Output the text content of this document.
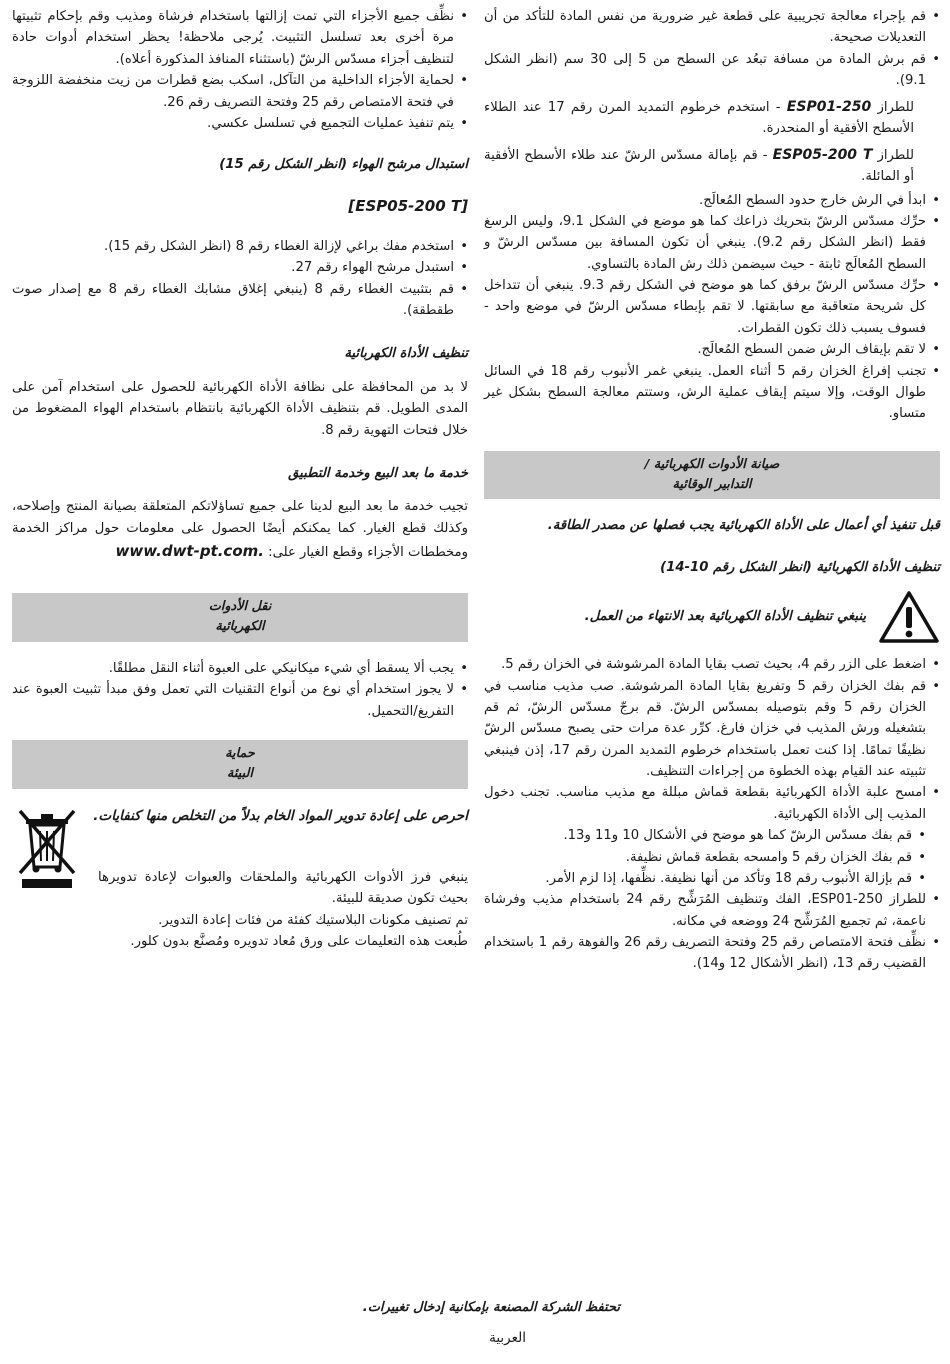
• قم بإجراء معالجة تجريبية على قطعة غير ضرورية من نفس المادة للتأكد من أن التعديلات صحيحة.
• قم برش المادة من مسافة تبعُد عن السطح من 5 إلى 30 سم (انظر الشكل 9.1).

للطراز ESP01-250 - استخدم خرطوم التمديد المرن رقم 17 عند الطلاء الأسطح الأفقية أو المنحدرة.

للطراز ESP05-200 T - قم بإمالة مسدّس الرشّ عند طلاء الأسطح الأفقية أو المائلة.

• ابدأ في الرش خارج حدود السطح المُعالَج.
• حرِّك مسدّس الرشّ بتحريك ذراعك كما هو موضع في الشكل 9.1، وليس الرسغ فقط (انظر الشكل رقم 9.2). ينبغي أن تكون المسافة بين مسدّس الرشّ و السطح المُعالَج ثابتة - حيث سيضمن ذلك رش المادة بالتساوي.
• حرِّك مسدّس الرشّ برفق كما هو موضح في الشكل رقم 9.3. ينبغي أن تتداخل كل شريحة متعاقبة مع سابقتها. لا تقم بإبطاء مسدّس الرشّ في موضع واحد - فسوف يسبب ذلك تكون القطرات.
• لا تقم بإيقاف الرش ضمن السطح المُعالَج.
• تجنب إفراغ الخزان رقم 5 أثناء العمل. ينبغي غمر الأنبوب رقم 18 في السائل طوال الوقت، وإلا سيتم إيقاف عملية الرش، وستتم معالجة السطح بشكل غير متساو.
صيانة الأدوات الكهربائية /
التدابير الوقائية

قبل تنفيذ أي أعمال على الأداة الكهربائية يجب فصلها عن مصدر الطاقة.

تنظيف الأداة الكهربائية (انظر الشكل رقم 10-14)
ينبغي تنظيف الأداة الكهربائية بعد الانتهاء من العمل.
• اضغط على الزر رقم 4، بحيث تصب بقايا المادة المرشوشة في الخزان رقم 5.
• قم بفك الخزان رقم 5 وتفريغ بقايا المادة المرشوشة. صب مذيب مناسب في الخزان رقم 5 وقم بتوصيله بمسدّس الرشّ. قم برجّ مسدّس الرشّ، ثم قم بتشغيله ورش المذيب في خزان فارغ. كرِّر عدة مرات حتى يصبح مسدّس الرشّ نظيفًا تمامًا. إذا كنت تعمل باستخدام خرطوم التمديد المرن رقم 17، إذن فينبغي تثبيته عند القيام بهذه الخطوة من إجراءات التنظيف.
• امسح علبة الأداة الكهربائية بقطعة قماش مبللة مع مذيب مناسب. تجنب دخول المذيب إلى الأداة الكهربائية.
• قم بفك مسدّس الرشّ كما هو موضح في الأشكال 10 و11 و13.
• قم بفك الخزان رقم 5 وامسحه بقطعة قماش نظيفة.
• قم بإزالة الأنبوب رقم 18 وتأكد من أنها نظيفة. نظِّفها، إذا لزم الأمر.
• للطراز ESP01-250، الفك وتنظيف المُرَشِّح رقم 24 باستخدام مذيب وفرشاة ناعمة، ثم تجميع المُرَشِّح 24 ووضعه في مكانه.
• نظِّف فتحة الامتصاص رقم 25 وفتحة التصريف رقم 26 والفوهة رقم 1 باستخدام القضيب رقم 13، (انظر الأشكال 12 و14).
• نظِّف جميع الأجزاء التي تمت إزالتها باستخدام فرشاة ومذيب وقم بإحكام تثبيتها مرة أخرى بعد تسلسل التثبيت. يُرجى ملاحظة! يحظر استخدام أدوات حادة لتنظيف أجزاء مسدّس الرشّ (باستثناء المنافذ المذكورة أعلاه).
• لحماية الأجزاء الداخلية من التآكل، اسكب بضع قطرات من زيت منخفضة اللزوجة في فتحة الامتصاص رقم 25 وفتحة التصريف رقم 26.
• يتم تنفيذ عمليات التجميع في تسلسل عكسي.
استبدال مرشح الهواء (انظر الشكل رقم 15)
[ESP05-200 T]
• استخدم مفك براغي لإزالة الغطاء رقم 8 (انظر الشكل رقم 15).
• استبدل مرشح الهواء رقم 27.
• قم بتثبيت الغطاء رقم 8 (ينبغي إغلاق مشابك الغطاء رقم 8 مع إصدار صوت طقطقة).
تنظيف الأداة الكهربائية

لا بد من المحافظة على نظافة الأداة الكهربائية للحصول على استخدام آمن على المدى الطويل. قم بتنظيف الأداة الكهربائية بانتظام باستخدام الهواء المضغوط من خلال فتحات التهوية رقم 8.

خدمة ما بعد البيع وخدمة التطبيق

تجيب خدمة ما بعد البيع لدينا على جميع تساؤلاتكم المتعلقة بصيانة المنتج وإصلاحه، وكذلك قطع الغيار. كما يمكنكم أيضًا الحصول على معلومات حول مراكز الخدمة ومخططات الأجزاء وقطع الغيار على: www.dwt-pt.com.

نقل الأدوات
الكهربائية
• يجب ألا يسقط أي شيء ميكانيكي على العبوة أثناء النقل مطلقًا.
• لا يجوز استخدام أي نوع من أنواع التقنيات التي تعمل وفق مبدأ تثبيت العبوة عند التفريغ/التحميل.
حماية
البيئة

احرص على إعادة تدوير المواد الخام بدلاً من التخلص منها كنفايات.

ينبغي فرز الأدوات الكهربائية والملحقات والعبوات لإعادة تدويرها بحيث تكون صديقة للبيئة.

تم تصنيف مكونات البلاستيك كفئة من فئات إعادة التدوير.

طُبعت هذه التعليمات على ورق مُعاد تدويره ومُصنَّع بدون كلور.

تحتفظ الشركة المصنعة بإمكانية إدخال تغييرات.
العربية
